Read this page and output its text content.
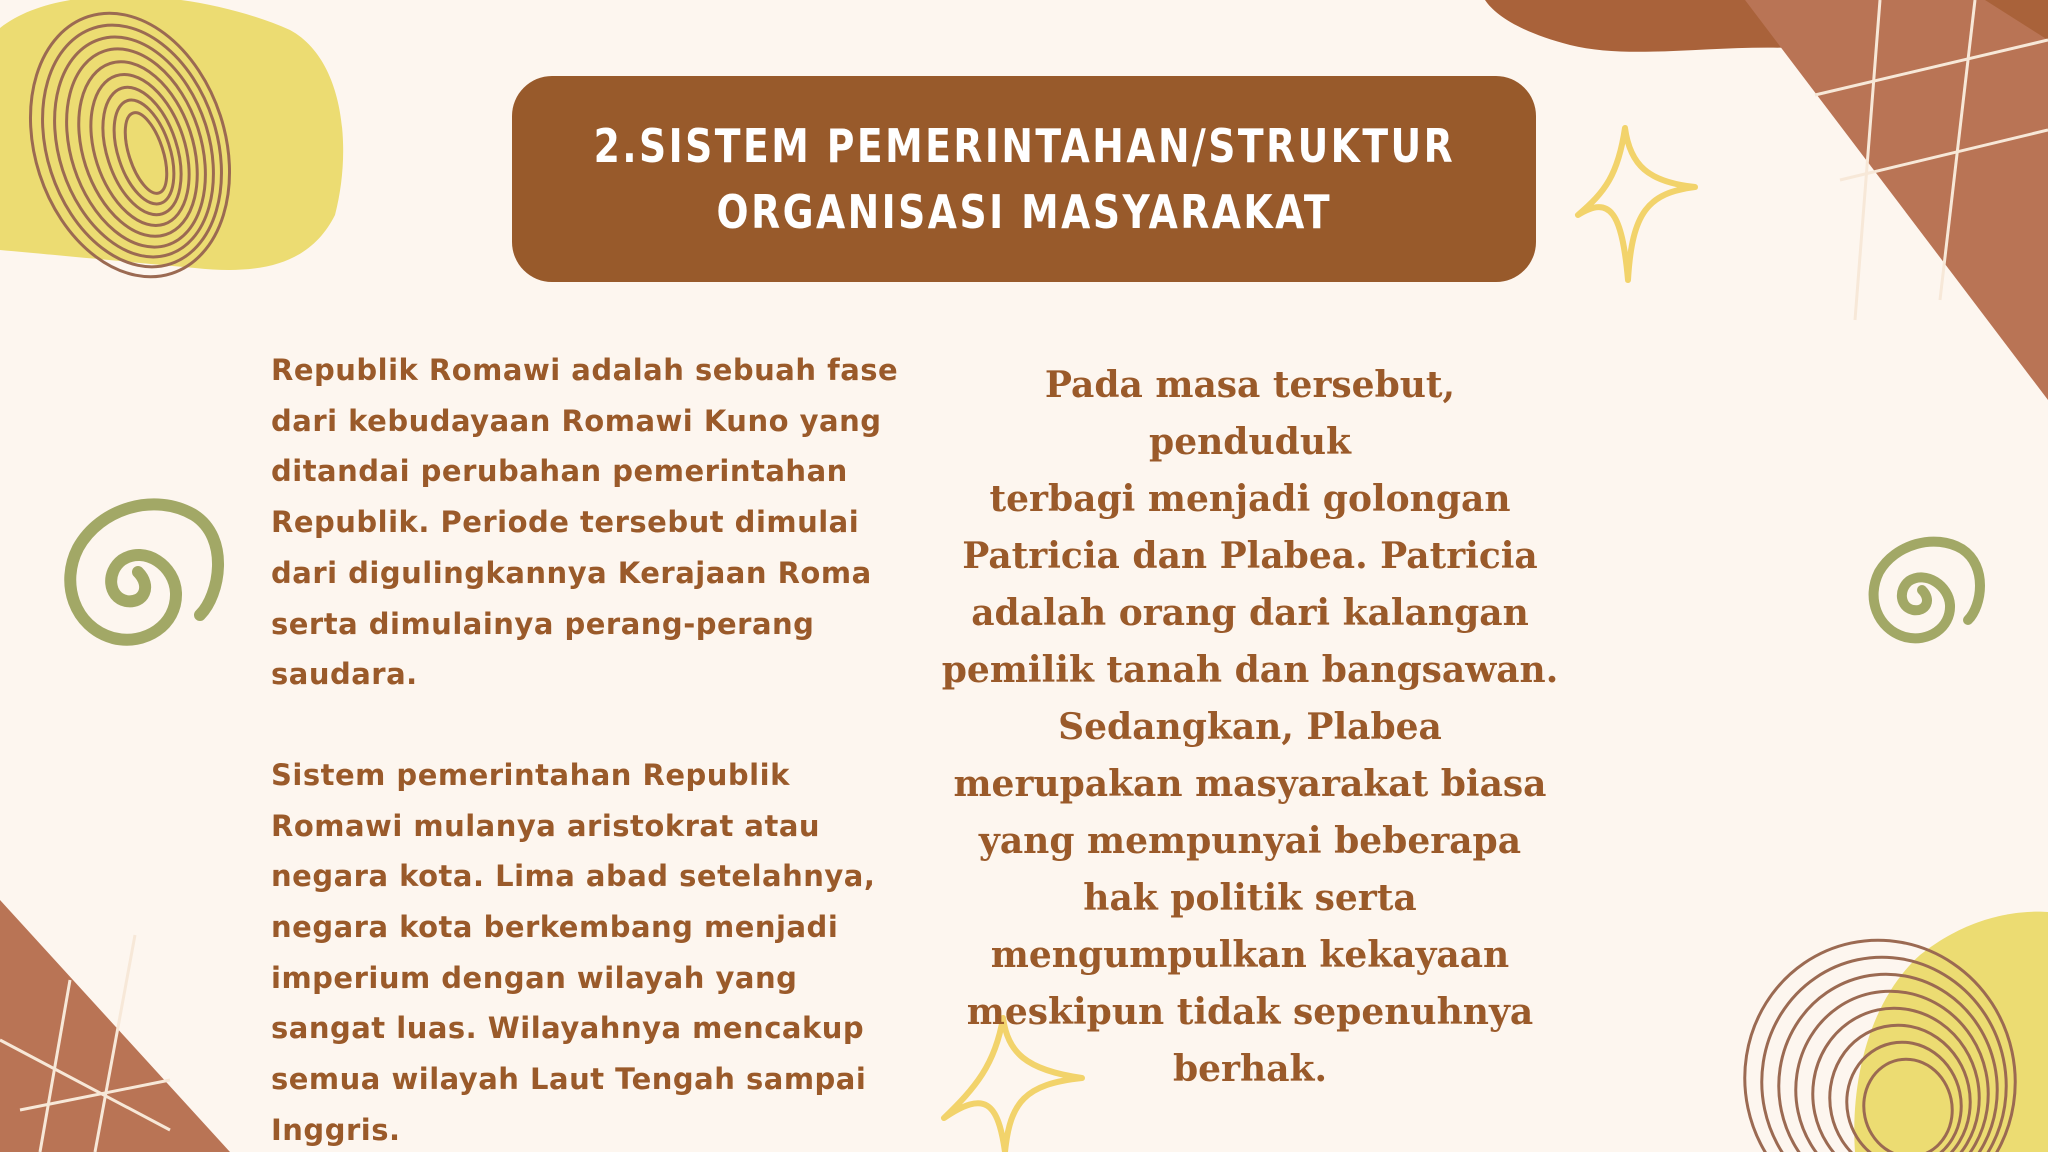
2.SISTEM PEMERINTAHAN/STRUKTUR
ORGANISASI MASYARAKAT

Republik Romawi adalah sebuah fase
dari kebudayaan Romawi Kuno yang
ditandai perubahan pemerintahan
Republik. Periode tersebut dimulai
dari digulingkannya Kerajaan Roma
serta dimulainya perang-perang
saudara.

Sistem pemerintahan Republik
Romawi mulanya aristokrat atau
negara kota. Lima abad setelahnya,
negara kota berkembang menjadi
imperium dengan wilayah yang
sangat luas. Wilayahnya mencakup
semua wilayah Laut Tengah sampai
Inggris.

Pada masa tersebut, penduduk
terbagi menjadi golongan
Patricia dan Plabea. Patricia
adalah orang dari kalangan
pemilik tanah dan bangsawan.
Sedangkan, Plabea
merupakan masyarakat biasa
yang mempunyai beberapa
hak politik serta
mengumpulkan kekayaan
meskipun tidak sepenuhnya
berhak.
